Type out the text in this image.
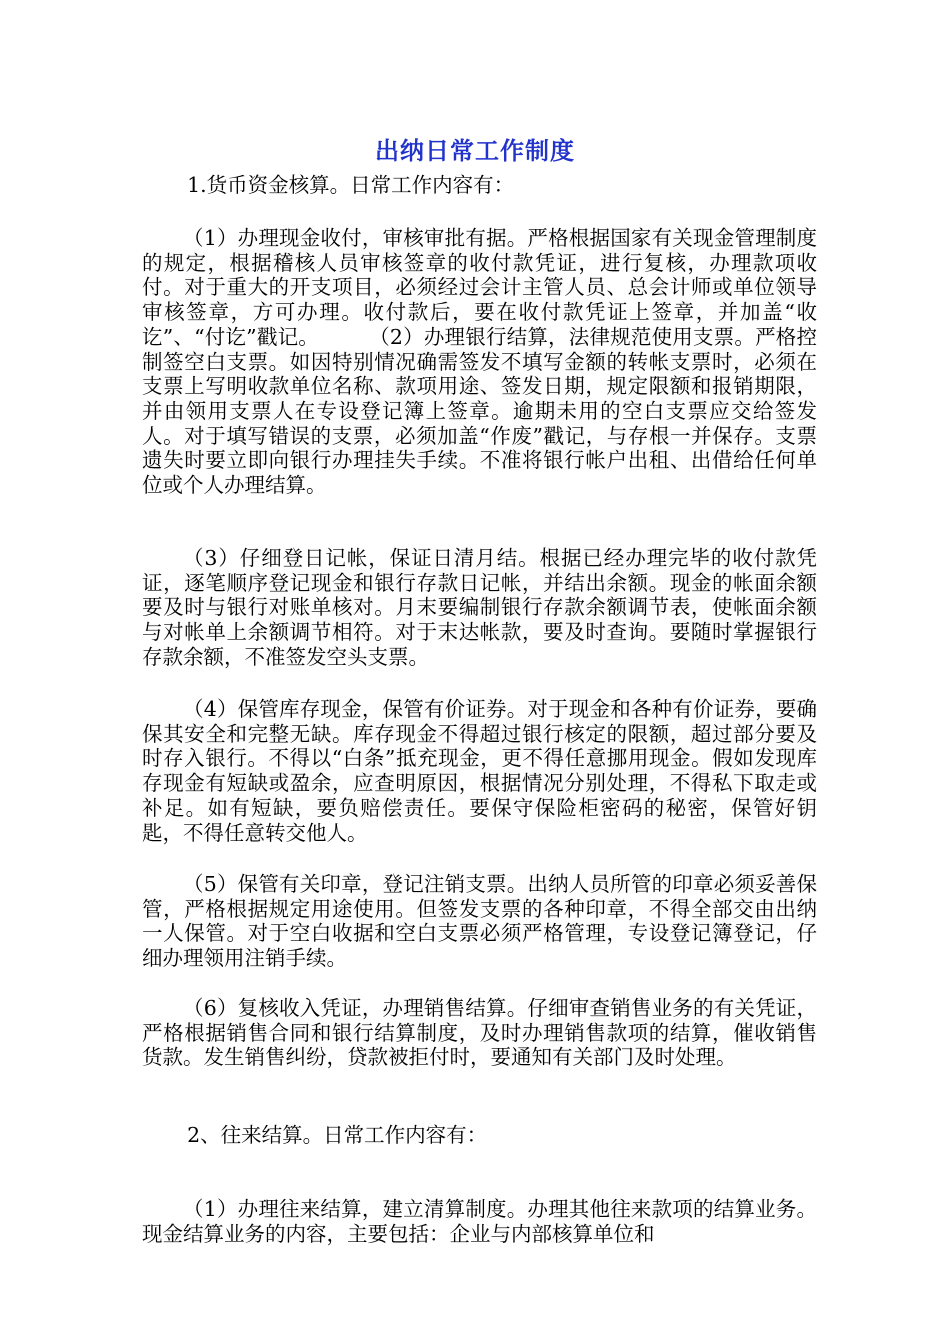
出纳日常工作制度

1.货币资金核算。日常工作内容有：

（1）办理现金收付，审核审批有据。严格根据国家有关现金管理制度的规定，根据稽核人员审核签章的收付款凭证，进行复核，办理款项收付。对于重大的开支项目，必须经过会计主管人员、总会计师或单位领导审核签章，方可办理。收付款后，要在收付款凭证上签章，并加盖“收讫”、“付讫”戳记。 （2）办理银行结算，法律规范使用支票。严格控制签空白支票。如因特别情况确需签发不填写金额的转帐支票时，必须在支票上写明收款单位名称、款项用途、签发日期，规定限额和报销期限，并由领用支票人在专设登记簿上签章。逾期未用的空白支票应交给签发人。对于填写错误的支票，必须加盖“作废”戳记，与存根一并保存。支票遗失时要立即向银行办理挂失手续。不准将银行帐户出租、出借给任何单位或个人办理结算。

（3）仔细登日记帐，保证日清月结。根据已经办理完毕的收付款凭证，逐笔顺序登记现金和银行存款日记帐，并结出余额。现金的帐面余额要及时与银行对账单核对。月末要编制银行存款余额调节表，使帐面余额与对帐单上余额调节相符。对于末达帐款，要及时查询。要随时掌握银行存款余额，不准签发空头支票。

（4）保管库存现金，保管有价证券。对于现金和各种有价证券，要确保其安全和完整无缺。库存现金不得超过银行核定的限额，超过部分要及时存入银行。不得以“白条”抵充现金，更不得任意挪用现金。假如发现库存现金有短缺或盈余，应查明原因，根据情况分别处理，不得私下取走或补足。如有短缺，要负赔偿责任。要保守保险柜密码的秘密，保管好钥匙，不得任意转交他人。

（5）保管有关印章，登记注销支票。出纳人员所管的印章必须妥善保管，严格根据规定用途使用。但签发支票的各种印章，不得全部交由出纳一人保管。对于空白收据和空白支票必须严格管理，专设登记簿登记，仔细办理领用注销手续。

（6）复核收入凭证，办理销售结算。仔细审查销售业务的有关凭证，严格根据销售合同和银行结算制度，及时办理销售款项的结算，催收销售货款。发生销售纠纷，贷款被拒付时，要通知有关部门及时处理。

2、往来结算。日常工作内容有：

（1）办理往来结算，建立清算制度。办理其他往来款项的结算业务。现金结算业务的内容，主要包括：企业与内部核算单位和
